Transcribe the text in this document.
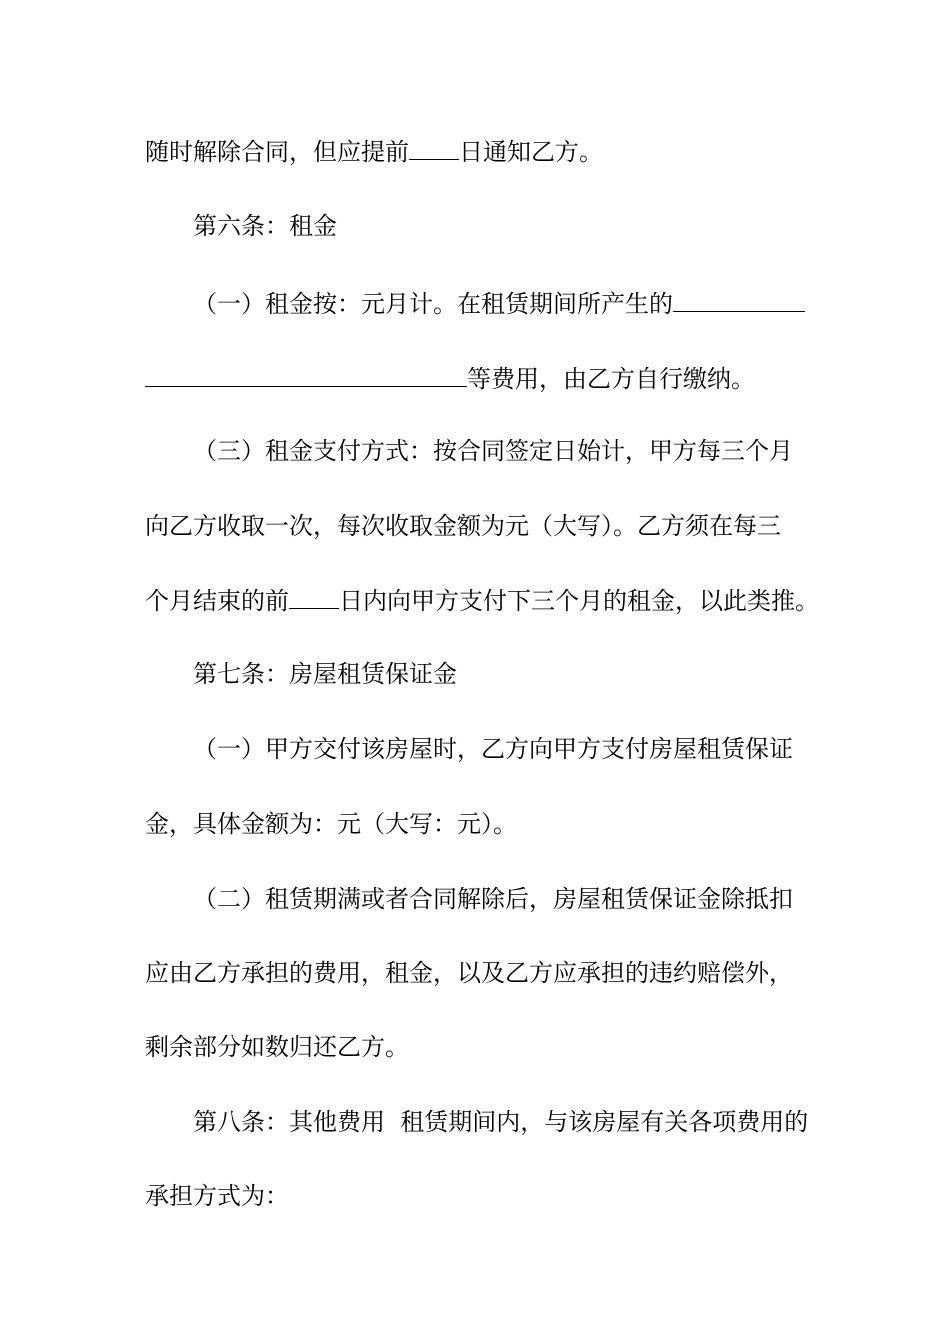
随时解除合同，但应提前 日通知乙方。
第六条：租金
（一）租金按：元月计。在租赁期间所产生的
等费用，由乙方自行缴纳。
（三）租金支付方式：按合同签定日始计，甲方每三个月
向乙方收取一次，每次收取金额为元（大写）。乙方须在每三
个月结束的前 日内向甲方支付下三个月的租金，以此类推。
第七条：房屋租赁保证金
（一）甲方交付该房屋时，乙方向甲方支付房屋租赁保证
金，具体金额为：元（大写：元）。
（二）租赁期满或者合同解除后，房屋租赁保证金除抵扣
应由乙方承担的费用，租金，以及乙方应承担的违约赔偿外，
剩余部分如数归还乙方。
第八条：其他费用  租赁期间内，与该房屋有关各项费用的
承担方式为：
